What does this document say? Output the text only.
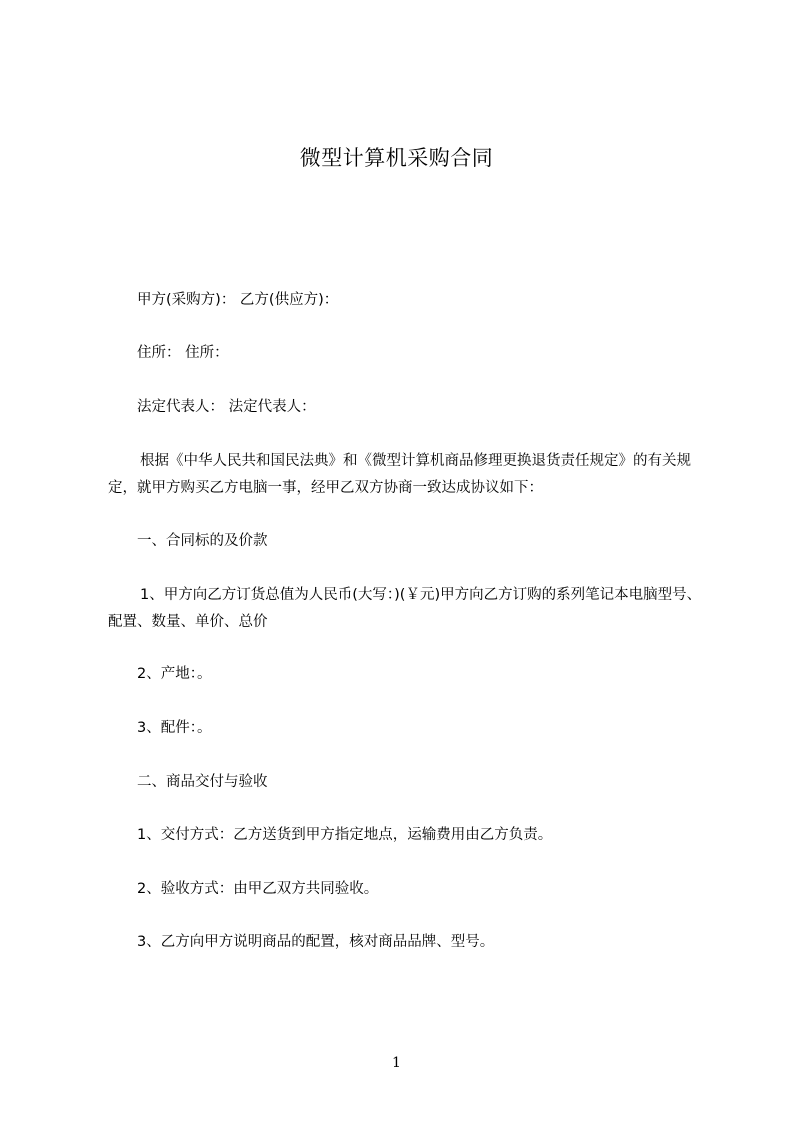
微型计算机采购合同
甲方(采购方)： 乙方(供应方)：
住所： 住所：
法定代表人： 法定代表人：
根据《中华人民共和国民法典》和《微型计算机商品修理更换退货责任规定》的有关规定，就甲方购买乙方电脑一事，经甲乙双方协商一致达成协议如下：
一、合同标的及价款
1、甲方向乙方订货总值为人民币(大写：)(￥元)甲方向乙方订购的系列笔记本电脑型号、配置、数量、单价、总价
2、产地：。
3、配件：。
二、商品交付与验收
1、交付方式：乙方送货到甲方指定地点，运输费用由乙方负责。
2、验收方式：由甲乙双方共同验收。
3、乙方向甲方说明商品的配置，核对商品品牌、型号。
1
